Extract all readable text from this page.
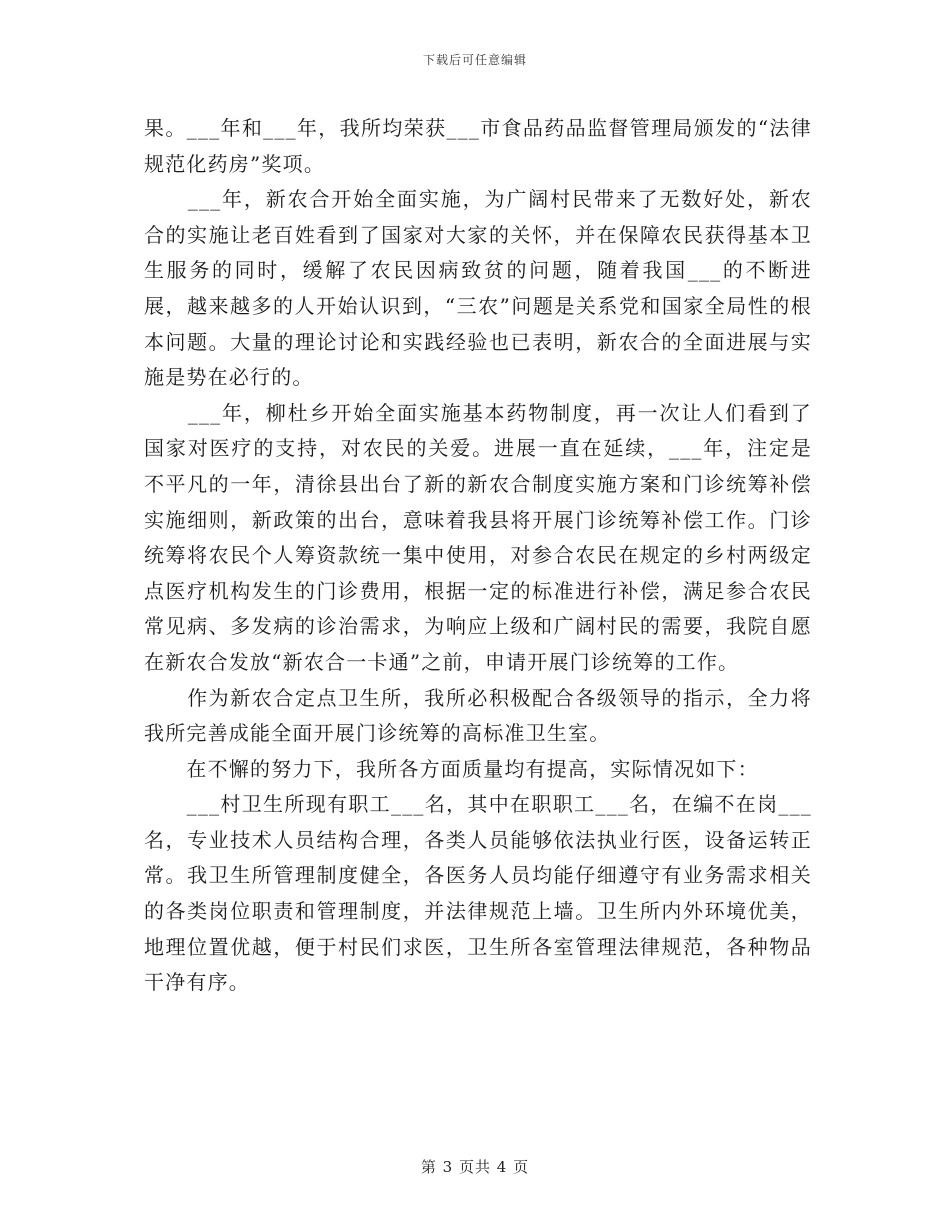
下载后可任意编辑

果。___年和___年，我所均荣获___市食品药品监督管理局颁发的“法律规范化药房”奖项。

　　___年，新农合开始全面实施，为广阔村民带来了无数好处，新农合的实施让老百姓看到了国家对大家的关怀，并在保障农民获得基本卫生服务的同时，缓解了农民因病致贫的问题，随着我国___的不断进展，越来越多的人开始认识到，“三农”问题是关系党和国家全局性的根本问题。大量的理论讨论和实践经验也已表明，新农合的全面进展与实施是势在必行的。

　　___年，柳杜乡开始全面实施基本药物制度，再一次让人们看到了国家对医疗的支持，对农民的关爱。进展一直在延续，___年，注定是不平凡的一年，清徐县出台了新的新农合制度实施方案和门诊统筹补偿实施细则，新政策的出台，意味着我县将开展门诊统筹补偿工作。门诊统筹将农民个人筹资款统一集中使用，对参合农民在规定的乡村两级定点医疗机构发生的门诊费用，根据一定的标准进行补偿，满足参合农民常见病、多发病的诊治需求，为响应上级和广阔村民的需要，我院自愿在新农合发放“新农合一卡通”之前，申请开展门诊统筹的工作。

　　作为新农合定点卫生所，我所必积极配合各级领导的指示，全力将我所完善成能全面开展门诊统筹的高标准卫生室。

　　在不懈的努力下，我所各方面质量均有提高，实际情况如下：

　　___村卫生所现有职工___名，其中在职职工___名，在编不在岗___名，专业技术人员结构合理，各类人员能够依法执业行医，设备运转正常。我卫生所管理制度健全，各医务人员均能仔细遵守有业务需求相关的各类岗位职责和管理制度，并法律规范上墙。卫生所内外环境优美，地理位置优越，便于村民们求医，卫生所各室管理法律规范，各种物品干净有序。

第 3 页共 4 页
